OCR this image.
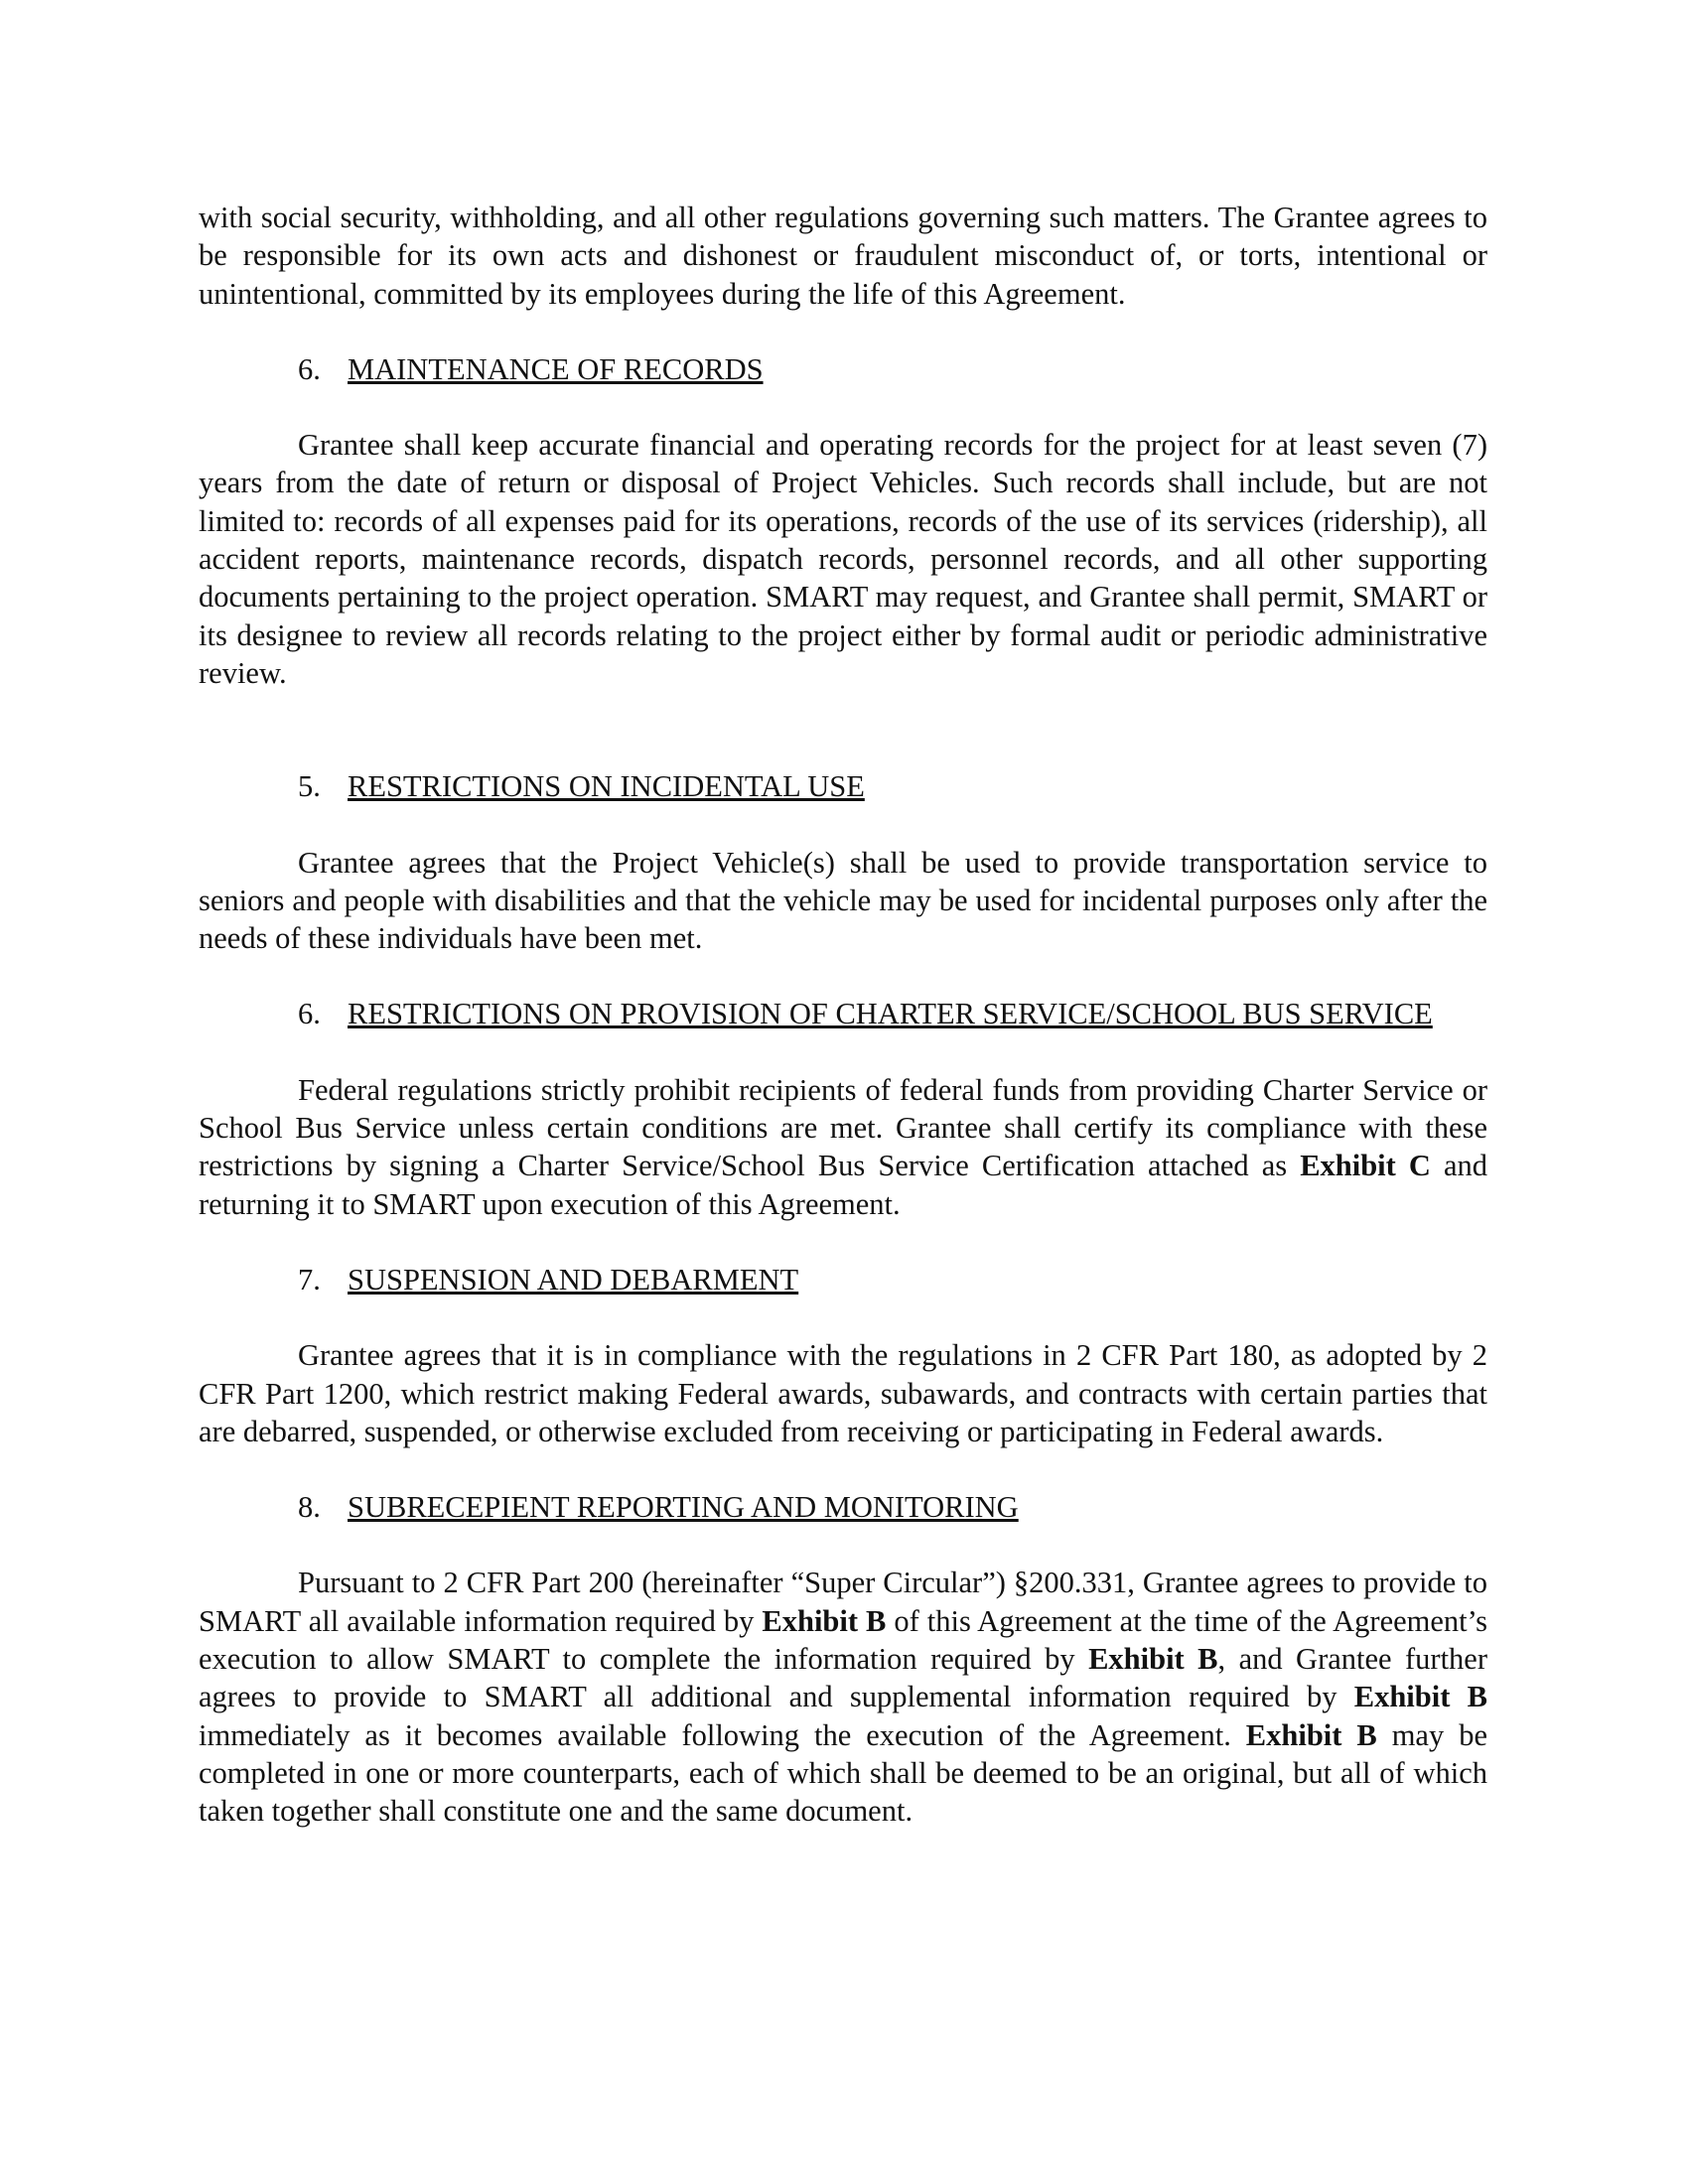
with social security, withholding, and all other regulations governing such matters. The Grantee agrees to be responsible for its own acts and dishonest or fraudulent misconduct of, or torts, intentional or unintentional, committed by its employees during the life of this Agreement.

6. MAINTENANCE OF RECORDS

Grantee shall keep accurate financial and operating records for the project for at least seven (7) years from the date of return or disposal of Project Vehicles. Such records shall include, but are not limited to: records of all expenses paid for its operations, records of the use of its services (ridership), all accident reports, maintenance records, dispatch records, personnel records, and all other supporting documents pertaining to the project operation. SMART may request, and Grantee shall permit, SMART or its designee to review all records relating to the project either by formal audit or periodic administrative review.

5. RESTRICTIONS ON INCIDENTAL USE

Grantee agrees that the Project Vehicle(s) shall be used to provide transportation service to seniors and people with disabilities and that the vehicle may be used for incidental purposes only after the needs of these individuals have been met.

6. RESTRICTIONS ON PROVISION OF CHARTER SERVICE/SCHOOL BUS SERVICE

Federal regulations strictly prohibit recipients of federal funds from providing Charter Service or School Bus Service unless certain conditions are met. Grantee shall certify its compliance with these restrictions by signing a Charter Service/School Bus Service Certification attached as Exhibit C and returning it to SMART upon execution of this Agreement.

7. SUSPENSION AND DEBARMENT

Grantee agrees that it is in compliance with the regulations in 2 CFR Part 180, as adopted by 2 CFR Part 1200, which restrict making Federal awards, subawards, and contracts with certain parties that are debarred, suspended, or otherwise excluded from receiving or participating in Federal awards.

8. SUBRECEPIENT REPORTING AND MONITORING

Pursuant to 2 CFR Part 200 (hereinafter “Super Circular”) §200.331, Grantee agrees to provide to SMART all available information required by Exhibit B of this Agreement at the time of the Agreement’s execution to allow SMART to complete the information required by Exhibit B, and Grantee further agrees to provide to SMART all additional and supplemental information required by Exhibit B immediately as it becomes available following the execution of the Agreement. Exhibit B may be completed in one or more counterparts, each of which shall be deemed to be an original, but all of which taken together shall constitute one and the same document.
